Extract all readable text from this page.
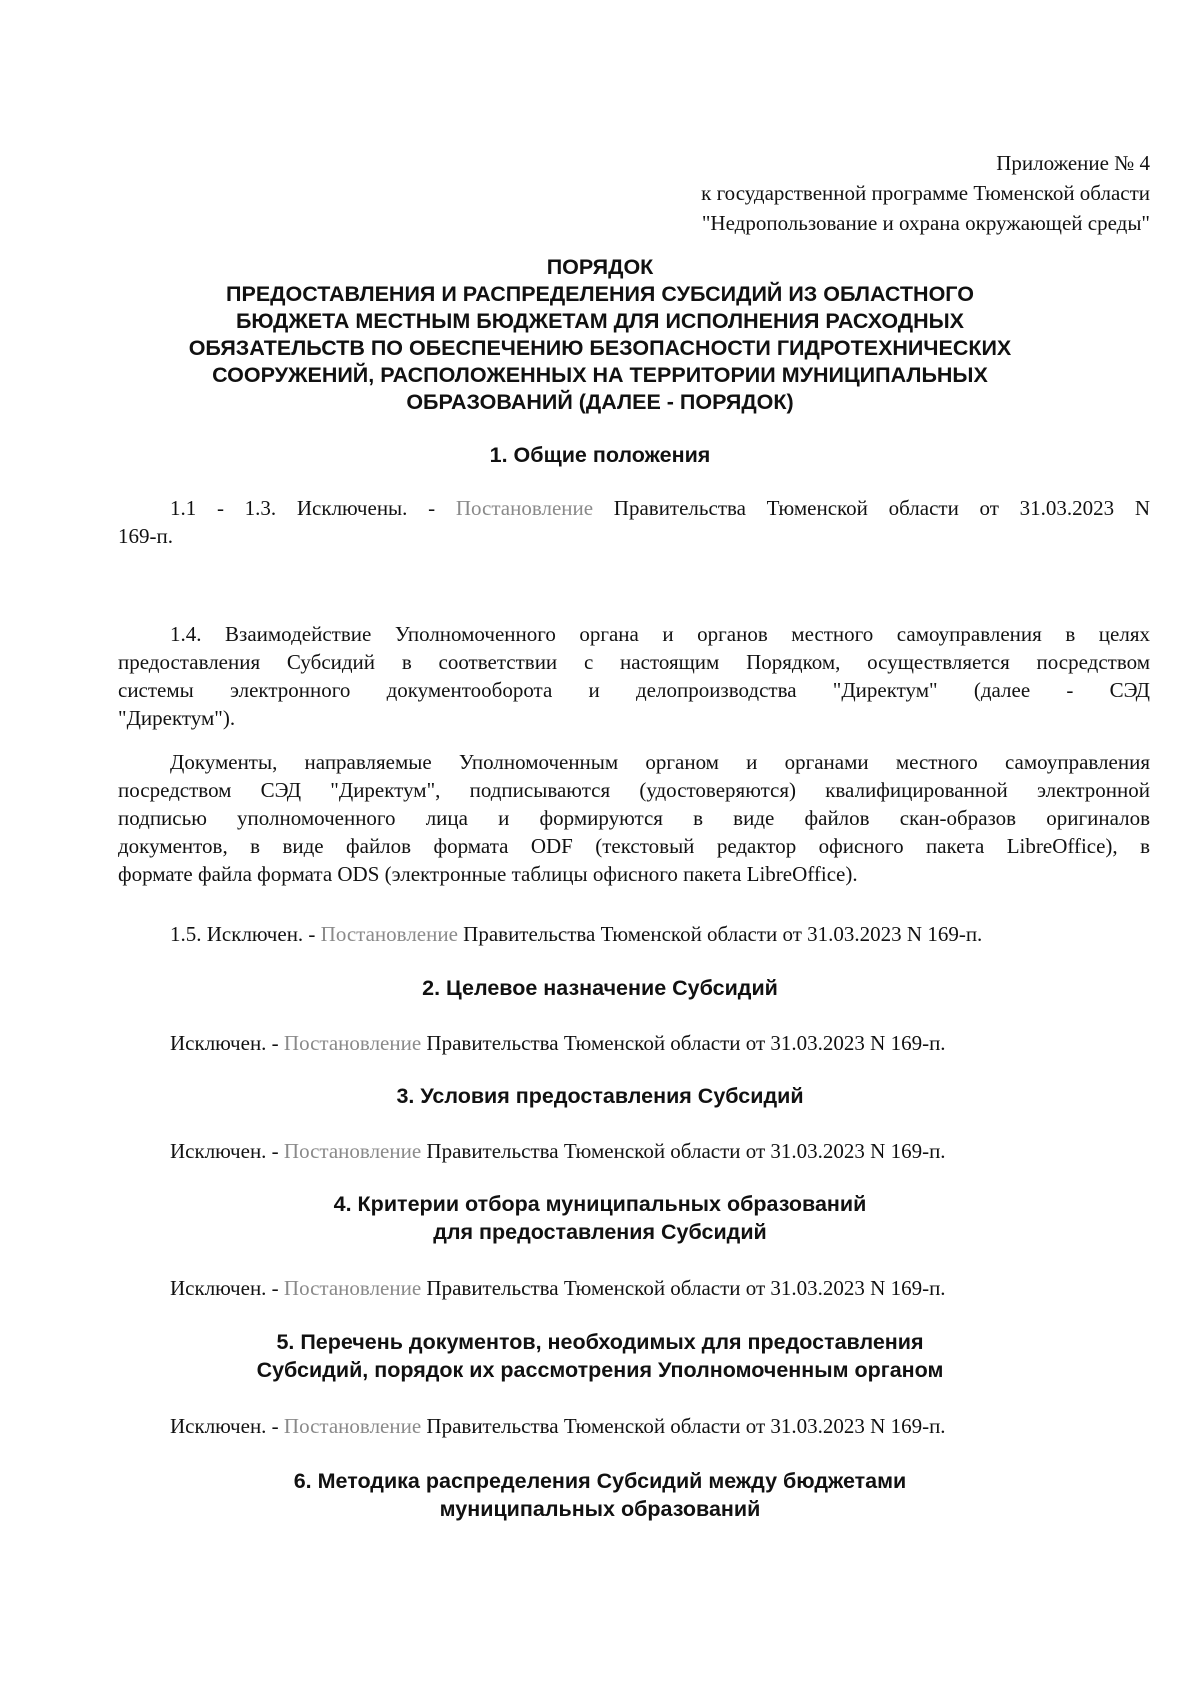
Приложение № 4
к государственной программе Тюменской области
"Недропользование и охрана окружающей среды"
ПОРЯДОК
ПРЕДОСТАВЛЕНИЯ И РАСПРЕДЕЛЕНИЯ СУБСИДИЙ ИЗ ОБЛАСТНОГО
БЮДЖЕТА МЕСТНЫМ БЮДЖЕТАМ ДЛЯ ИСПОЛНЕНИЯ РАСХОДНЫХ
ОБЯЗАТЕЛЬСТВ ПО ОБЕСПЕЧЕНИЮ БЕЗОПАСНОСТИ ГИДРОТЕХНИЧЕСКИХ
СООРУЖЕНИЙ, РАСПОЛОЖЕННЫХ НА ТЕРРИТОРИИ МУНИЦИПАЛЬНЫХ
ОБРАЗОВАНИЙ (ДАЛЕЕ - ПОРЯДОК)
1. Общие положения
1.1 - 1.3. Исключены. - Постановление Правительства Тюменской области от 31.03.2023 N
169-п.
1.4. Взаимодействие Уполномоченного органа и органов местного самоуправления в целях
предоставления Субсидий в соответствии с настоящим Порядком, осуществляется посредством
системы электронного документооборота и делопроизводства "Директум" (далее - СЭД
"Директум").
Документы, направляемые Уполномоченным органом и органами местного самоуправления
посредством СЭД "Директум", подписываются (удостоверяются) квалифицированной электронной
подписью уполномоченного лица и формируются в виде файлов скан-образов оригиналов
документов, в виде файлов формата ODF (текстовый редактор офисного пакета LibreOffice), в
формате файла формата ODS (электронные таблицы офисного пакета LibreOffice).
1.5. Исключен. - Постановление Правительства Тюменской области от 31.03.2023 N 169-п.
2. Целевое назначение Субсидий
Исключен. - Постановление Правительства Тюменской области от 31.03.2023 N 169-п.
3. Условия предоставления Субсидий
Исключен. - Постановление Правительства Тюменской области от 31.03.2023 N 169-п.
4. Критерии отбора муниципальных образований
для предоставления Субсидий
Исключен. - Постановление Правительства Тюменской области от 31.03.2023 N 169-п.
5. Перечень документов, необходимых для предоставления
Субсидий, порядок их рассмотрения Уполномоченным органом
Исключен. - Постановление Правительства Тюменской области от 31.03.2023 N 169-п.
6. Методика распределения Субсидий между бюджетами
муниципальных образований
